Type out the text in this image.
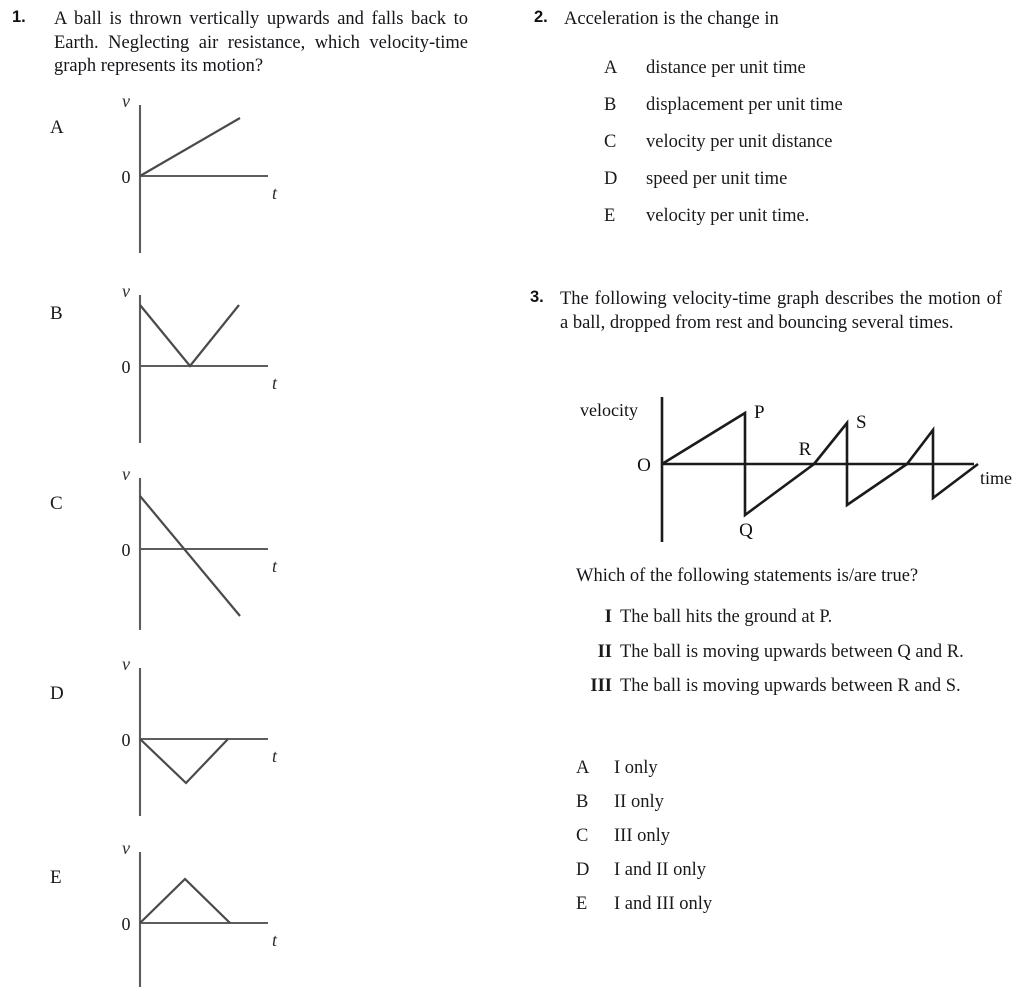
1. A ball is thrown vertically upwards and falls back to Earth. Neglecting air resistance, which velocity-time graph represents its motion?
A
v
0
t
B
v
0
t
C
v
0
t
D
v
0
t
E
v
0
t
2. Acceleration is the change in
A distance per unit time
B displacement per unit time
C velocity per unit distance
D speed per unit time
E velocity per unit time.
3. The following velocity-time graph describes the motion of a ball, dropped from rest and bouncing several times.
velocity
time
O
P
Q
R
S
Which of the following statements is/are true?
I The ball hits the ground at P.
II The ball is moving upwards between Q and R.
III The ball is moving upwards between R and S.
A I only
B II only
C III only
D I and II only
E I and III only
